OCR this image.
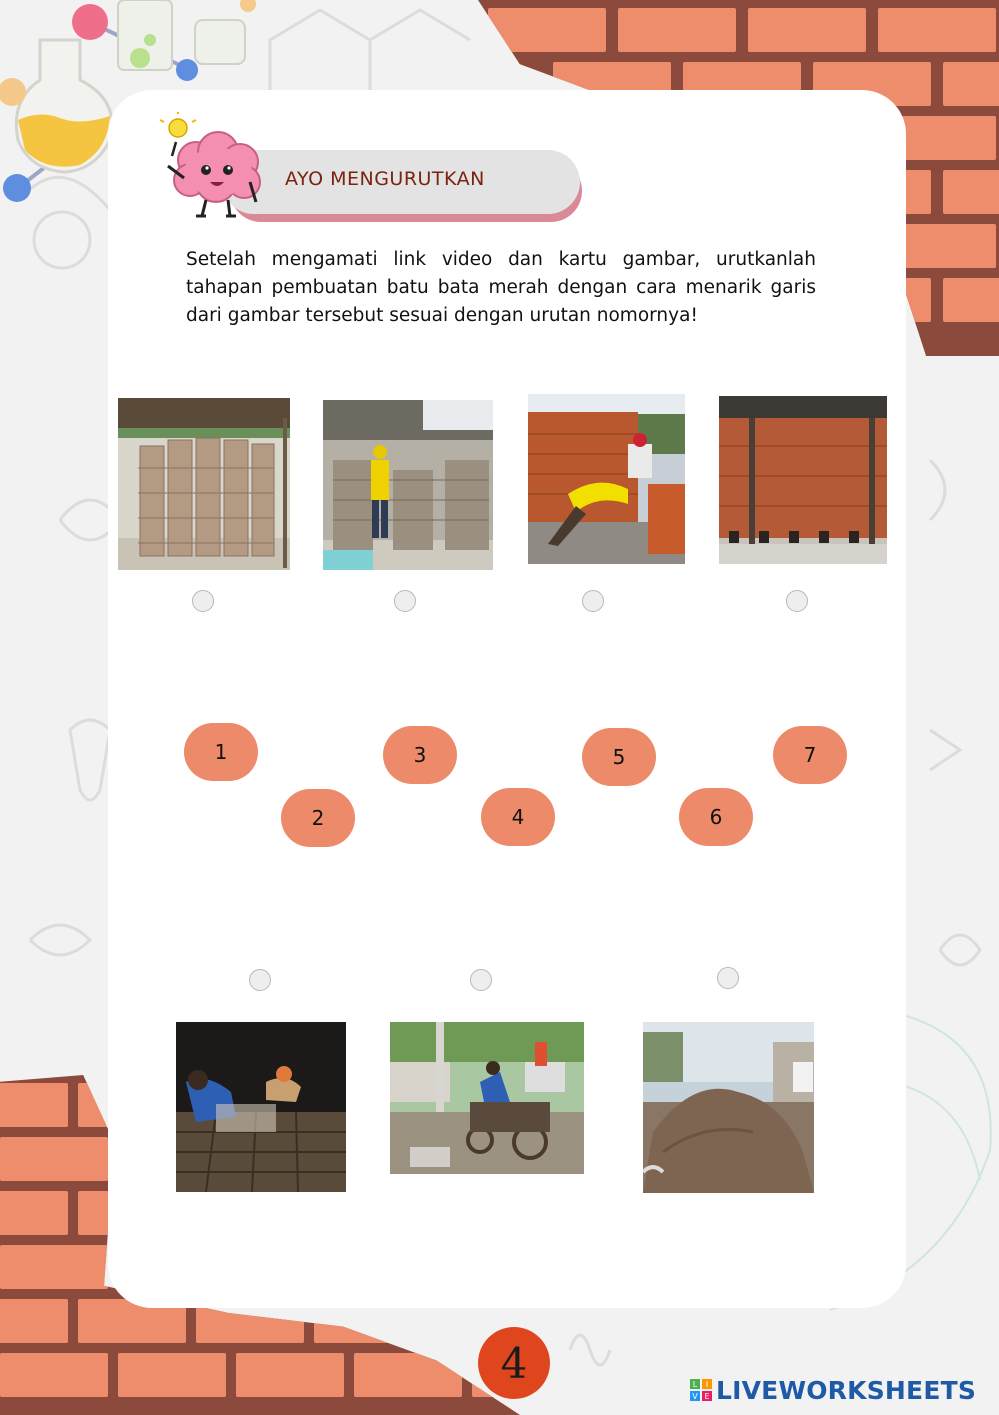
AYO MENGURUTKAN
Setelah mengamati link video dan kartu gambar, urutkanlah tahapan pembuatan batu bata merah dengan cara menarik garis dari gambar tersebut sesuai dengan urutan nomornya!
1
2
3
4
5
6
7
4	L I
V E LIVEWORKSHEETS
